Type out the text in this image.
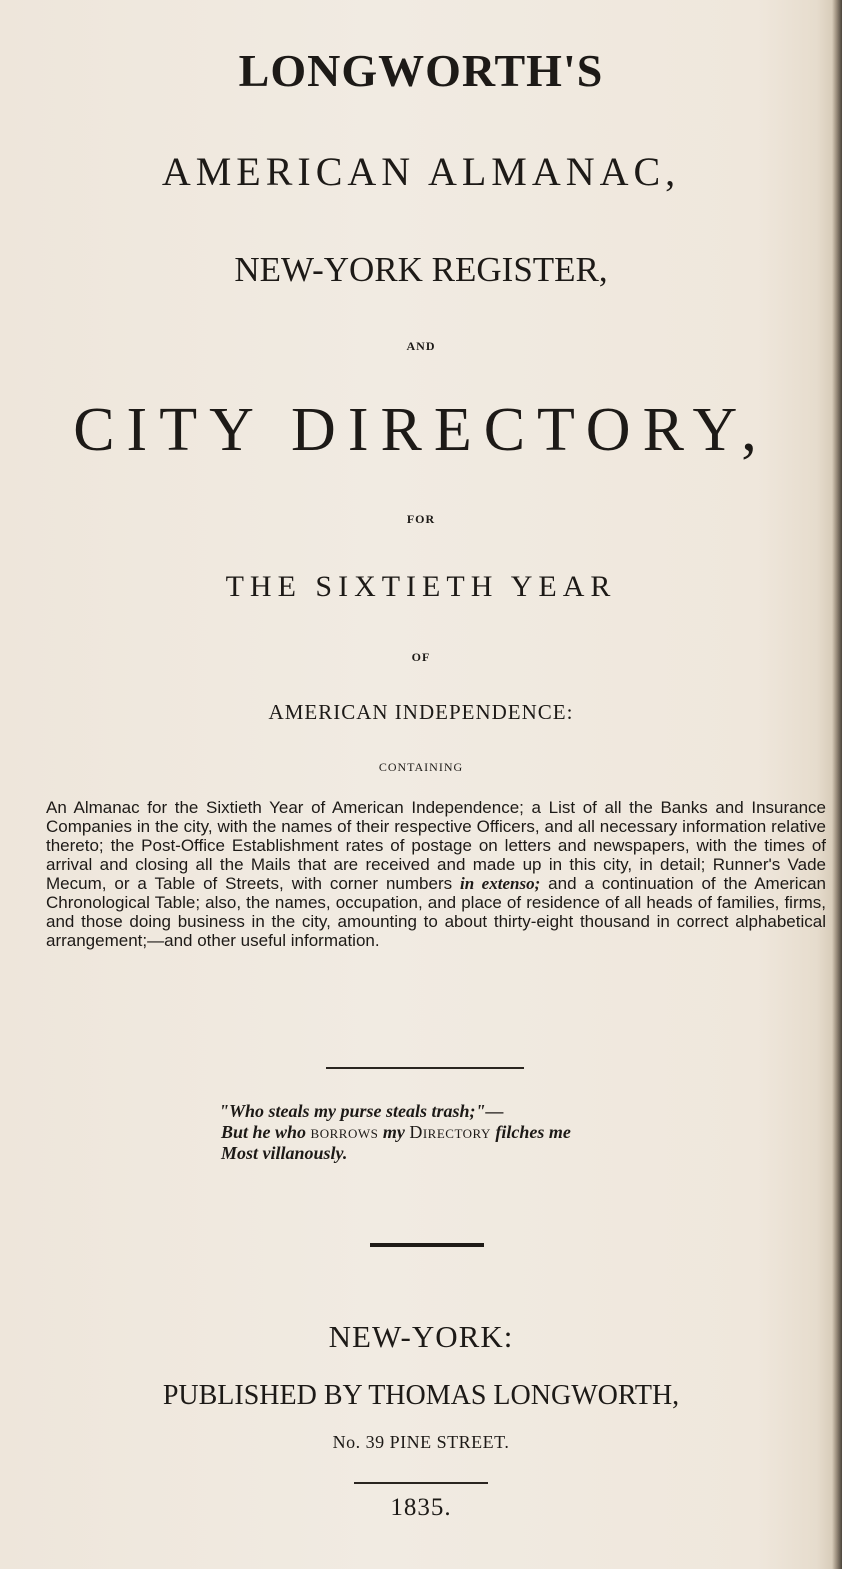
LONGWORTH'S
AMERICAN ALMANAC,
NEW-YORK REGISTER,
AND
CITY DIRECTORY,
FOR
THE SIXTIETH YEAR
OF
AMERICAN INDEPENDENCE:
CONTAINING
An Almanac for the Sixtieth Year of American Independence; a List of all the Banks and Insurance Companies in the city, with the names of their respective Officers, and all necessary information relative thereto; the Post-Office Establishment rates of postage on letters and newspapers, with the times of arrival and closing all the Mails that are received and made up in this city, in detail; Runner's Vade Mecum, or a Table of Streets, with corner numbers in extenso; and a continuation of the American Chronological Table; also, the names, occupation, and place of residence of all heads of families, firms, and those doing business in the city, amounting to about thirty-eight thousand in correct alphabetical arrangement;—and other useful information.
"Who steals my purse steals trash;"—
But he who borrows my Directory filches me
Most villanously.
NEW-YORK:
PUBLISHED BY THOMAS LONGWORTH,
No. 39 PINE STREET.
1835.
